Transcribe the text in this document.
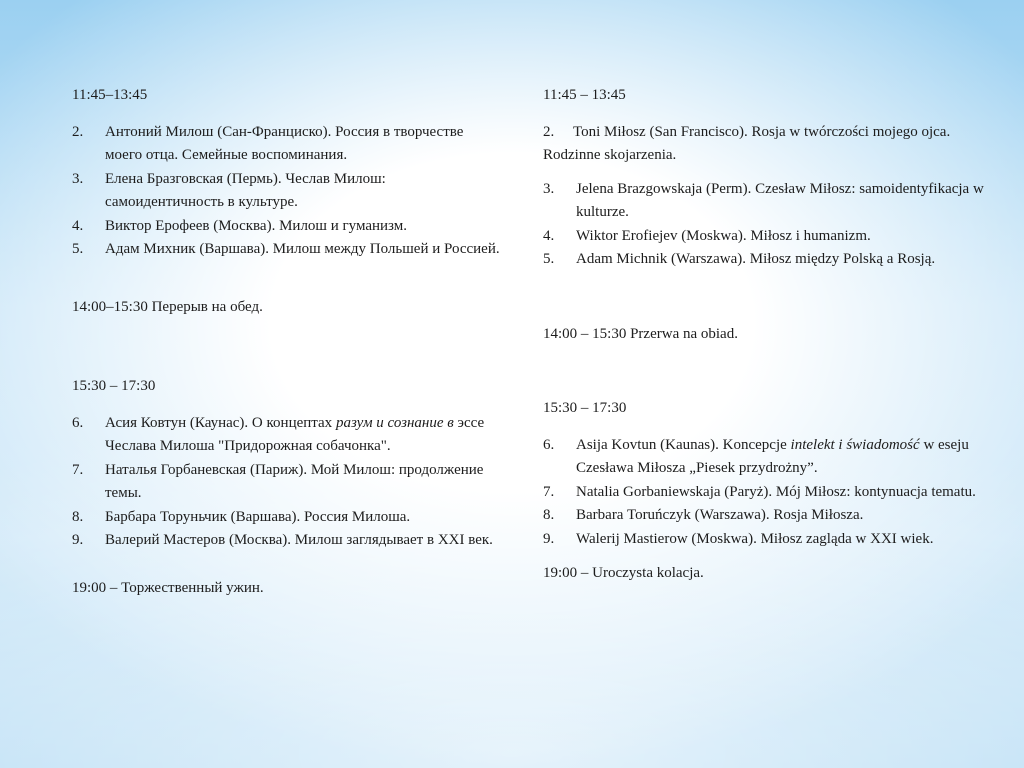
11:45–13:45

2.	Антоний Милош (Сан-Франциско). Россия в творчестве моего отца. Семейные воспоминания.
3.	Елена Бразговская (Пермь). Чеслав Милош: самоидентичность в культуре.
4.	Виктор Ерофеев (Москва). Милош и гуманизм.
5.	Адам Михник (Варшава). Милош между Польшей и Россией.

14:00–15:30 Перерыв на обед.

15:30 – 17:30

6.	Асия Ковтун (Каунас). О концептах разум и сознание в эссе Чеслава Милоша "Придорожная собачонка".
7.	Наталья Горбаневская (Париж). Мой Милош: продолжение темы.
8.	Барбара Торуньчик (Варшава). Россия Милоша.
9.	Валерий Мастеров (Москва). Милош заглядывает в XXI век.

19:00 – Торжественный ужин.

11:45 – 13:45

2. Toni Miłosz (San Francisco). Rosja w twórczości mojego ojca. Rodzinne skojarzenia.
3.	Jelena Brazgowskaja (Perm). Czesław Miłosz: samoidentyfikacja w kulturze.
4.	Wiktor Erofiejev (Moskwa). Miłosz i humanizm.
5.	Adam Michnik (Warszawa). Miłosz między Polską a Rosją.

14:00 – 15:30 Przerwa na obiad.

15:30 – 17:30

6.	Asija Kovtun (Kaunas). Koncepcje intelekt i świadomość w eseju Czesława Miłosza „Piesek przydrożny”.
7.	Natalia Gorbaniewskaja (Paryż). Mój Miłosz: kontynuacja tematu.
8.	Barbara Toruńczyk (Warszawa). Rosja Miłosza.
9.	Walerij Mastierow (Moskwa). Miłosz zagląda w XXI wiek.

19:00 – Uroczysta kolacja.
